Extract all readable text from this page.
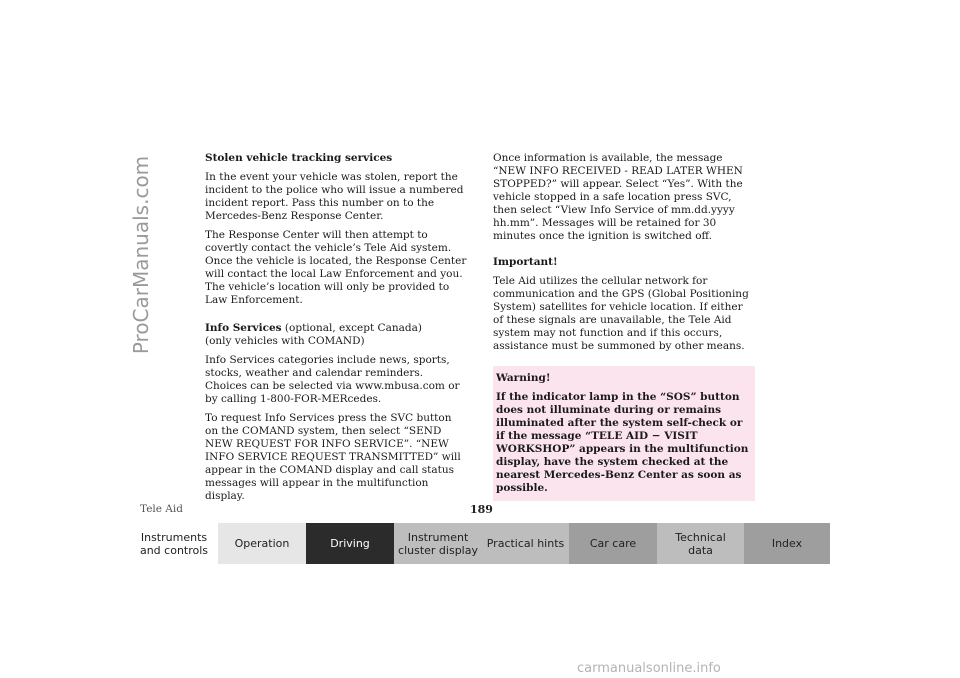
ProCarManuals.com	Stolen vehicle tracking services

In the event your vehicle was stolen, report the incident to the police who will issue a numbered incident report. Pass this number on to the Mercedes-Benz Response Center.

The Response Center will then attempt to covertly contact the vehicle’s Tele Aid system. Once the vehicle is located, the Response Center will contact the local Law Enforcement and you. The vehicle’s location will only be provided to Law Enforcement.

Info Services (optional, except Canada)

(only vehicles with COMAND)

Info Services categories include news, sports, stocks, weather and calendar reminders. Choices can be selected via www.mbusa.com or by calling 1-800-FOR-MERcedes.

To request Info Services press the SVC button on the COMAND system, then select “SEND NEW REQUEST FOR INFO SERVICE”. “NEW INFO SERVICE REQUEST TRANSMITTED” will appear in the COMAND display and call status messages will appear in the multifunction display.

Once information is available, the message “NEW INFO RECEIVED - READ LATER WHEN STOPPED?” will appear. Select “Yes”. With the vehicle stopped in a safe location press SVC, then select “View Info Service of mm.dd.yyyy hh.mm”. Messages will be retained for 30 minutes once the ignition is switched off.

Important!

Tele Aid utilizes the cellular network for communication and the GPS (Global Positioning System) satellites for vehicle location. If either of these signals are unavailable, the Tele Aid system may not function and if this occurs, assistance must be summoned by other means.

Warning!
If the indicator lamp in the “SOS” button does not illuminate during or remains illuminated after the system self-check or if the message “TELE AID − VISIT WORKSHOP” appears in the multifunction display, have the system checked at the nearest Mercedes-Benz Center as soon as possible.
Tele Aid	189
Instruments
and controls	Operation	Driving	Instrument
cluster display Practical hints	Car care	Technical
data	Index
carmanualsonline.info
